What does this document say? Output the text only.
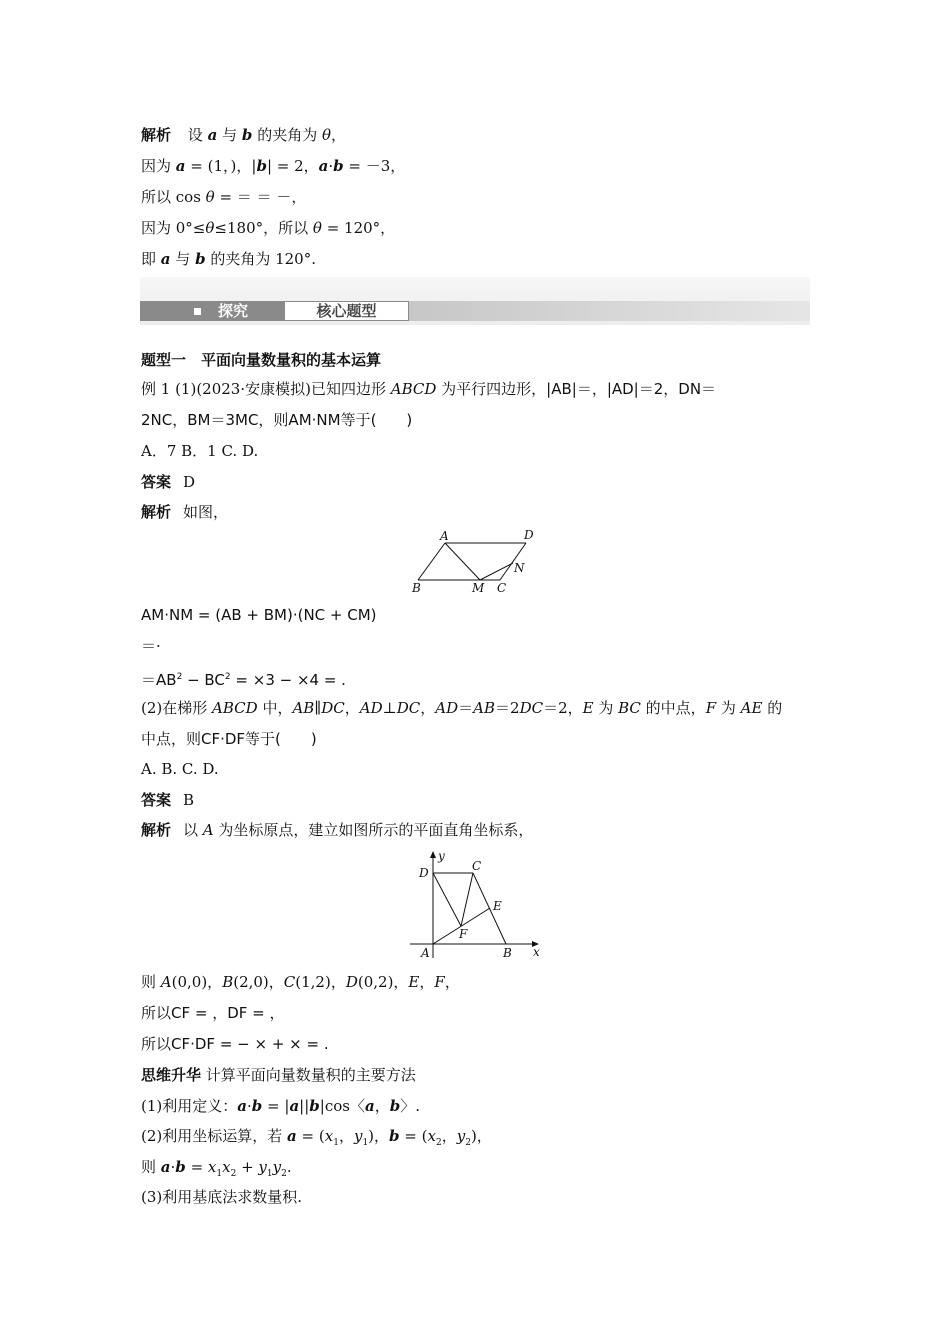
解析 设 a 与 b 的夹角为 θ，
因为 a = (1，)，|b| = 2，a·b = －3，
所以 cos θ = ＝ ＝ －，
因为 0°≤θ≤180°，所以 θ = 120°，
即 a 与 b 的夹角为 120°.
探究	核心题型
题型一　平面向量数量积的基本运算
例 1 (1)(2023·安康模拟)已知四边形 ABCD 为平行四边形，|AB|＝，|AD|＝2，DN＝
2NC，BM＝3MC，则AM·NM等于(　　)
A．7 B．1 C. D.
答案 D
解析 如图，
A	D
B	M C
N
AM·NM = (AB + BM)·(NC + CM)
＝·
$=AB^2 - BC^2 = \times 3 - \times 4$ = .
(2)在梯形 ABCD 中，AB∥DC，AD⊥DC，AD＝AB＝2DC＝2，E 为 BC 的中点，F 为 AE 的
中点，则CF·DF等于(　　)
A. B. C. D.
答案 B
解析 以 A 为坐标原点，建立如图所示的平面直角坐标系，
y
D	C
E
F
A	B x
则 A(0,0)，B(2,0)，C(1,2)，D(0,2)，E，F，
所以CF = ，DF = ，
所以CF·DF = − × + × = .
思维升华 计算平面向量数量积的主要方法
(1)利用定义：a·b = |a||b|cos〈a，b〉.
(2)利用坐标运算，若 $a = (x_1$，$y_1$)，$b = (x_2$，$y_2$)，
则 $a\cdot b = x_1x_2 + y_1y_2$.
(3)利用基底法求数量积.
